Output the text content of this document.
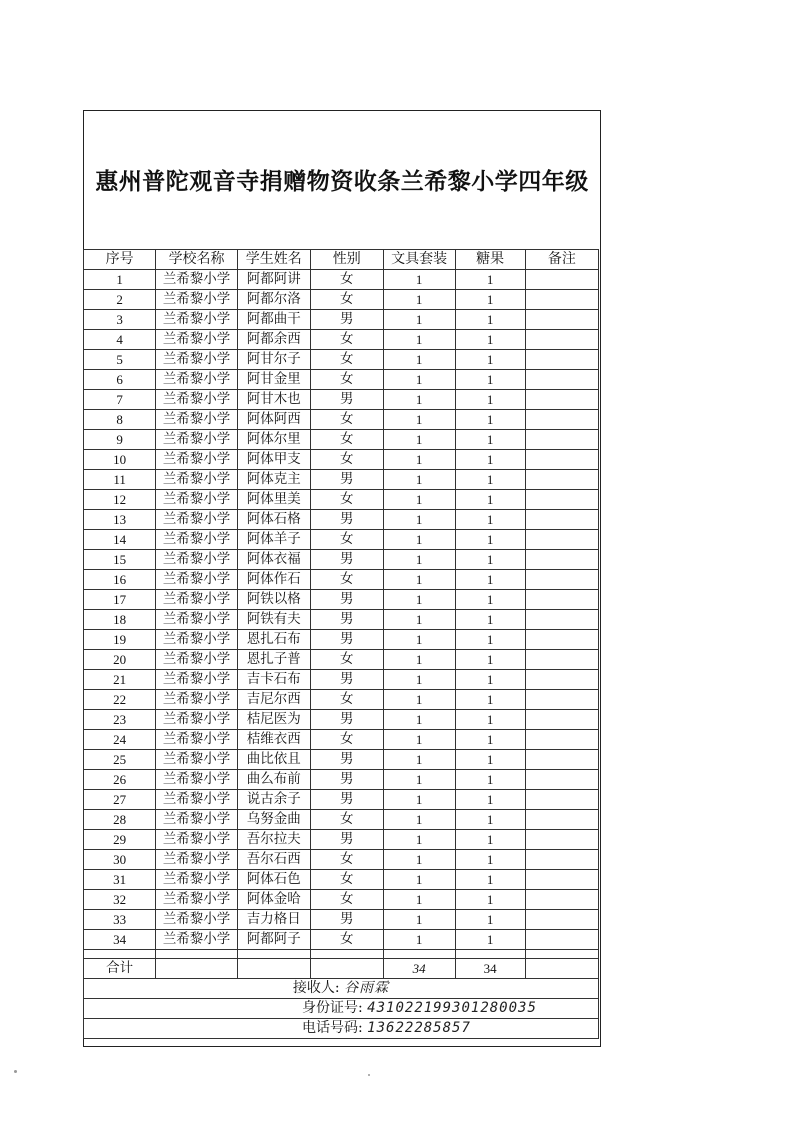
惠州普陀观音寺捐赠物资收条兰希黎小学四年级
序号	学校名称	学生姓名	性别	文具套装	糖果	备注
1	兰希黎小学	阿都阿讲	女	1	1	
2	兰希黎小学	阿都尔洛	女	1	1	
3	兰希黎小学	阿都曲干	男	1	1	
4	兰希黎小学	阿都余西	女	1	1	
5	兰希黎小学	阿甘尔子	女	1	1	
6	兰希黎小学	阿甘金里	女	1	1	
7	兰希黎小学	阿甘木也	男	1	1	
8	兰希黎小学	阿体阿西	女	1	1	
9	兰希黎小学	阿体尔里	女	1	1	
10	兰希黎小学	阿体甲支	女	1	1	
11	兰希黎小学	阿体克主	男	1	1	
12	兰希黎小学	阿体里美	女	1	1	
13	兰希黎小学	阿体石格	男	1	1	
14	兰希黎小学	阿体羊子	女	1	1	
15	兰希黎小学	阿体衣福	男	1	1	
16	兰希黎小学	阿体作石	女	1	1	
17	兰希黎小学	阿铁以格	男	1	1	
18	兰希黎小学	阿铁有夫	男	1	1	
19	兰希黎小学	恩扎石布	男	1	1	
20	兰希黎小学	恩扎子普	女	1	1	
21	兰希黎小学	吉卡石布	男	1	1	
22	兰希黎小学	吉尼尔西	女	1	1	
23	兰希黎小学	桔尼医为	男	1	1	
24	兰希黎小学	桔维衣西	女	1	1	
25	兰希黎小学	曲比依且	男	1	1	
26	兰希黎小学	曲么布前	男	1	1	
27	兰希黎小学	说古余子	男	1	1	
28	兰希黎小学	乌努金曲	女	1	1	
29	兰希黎小学	吾尔拉夫	男	1	1	
30	兰希黎小学	吾尔石西	女	1	1	
31	兰希黎小学	阿体石色	女	1	1	
32	兰希黎小学	阿体金哈	女	1	1	
33	兰希黎小学	吉力格日	男	1	1	
34	兰希黎小学	阿都阿子	女	1	1	

合计				34	34	
接收人: 谷雨霖						
身份证号: 431022199301280035						
电话号码: 13622285857						
